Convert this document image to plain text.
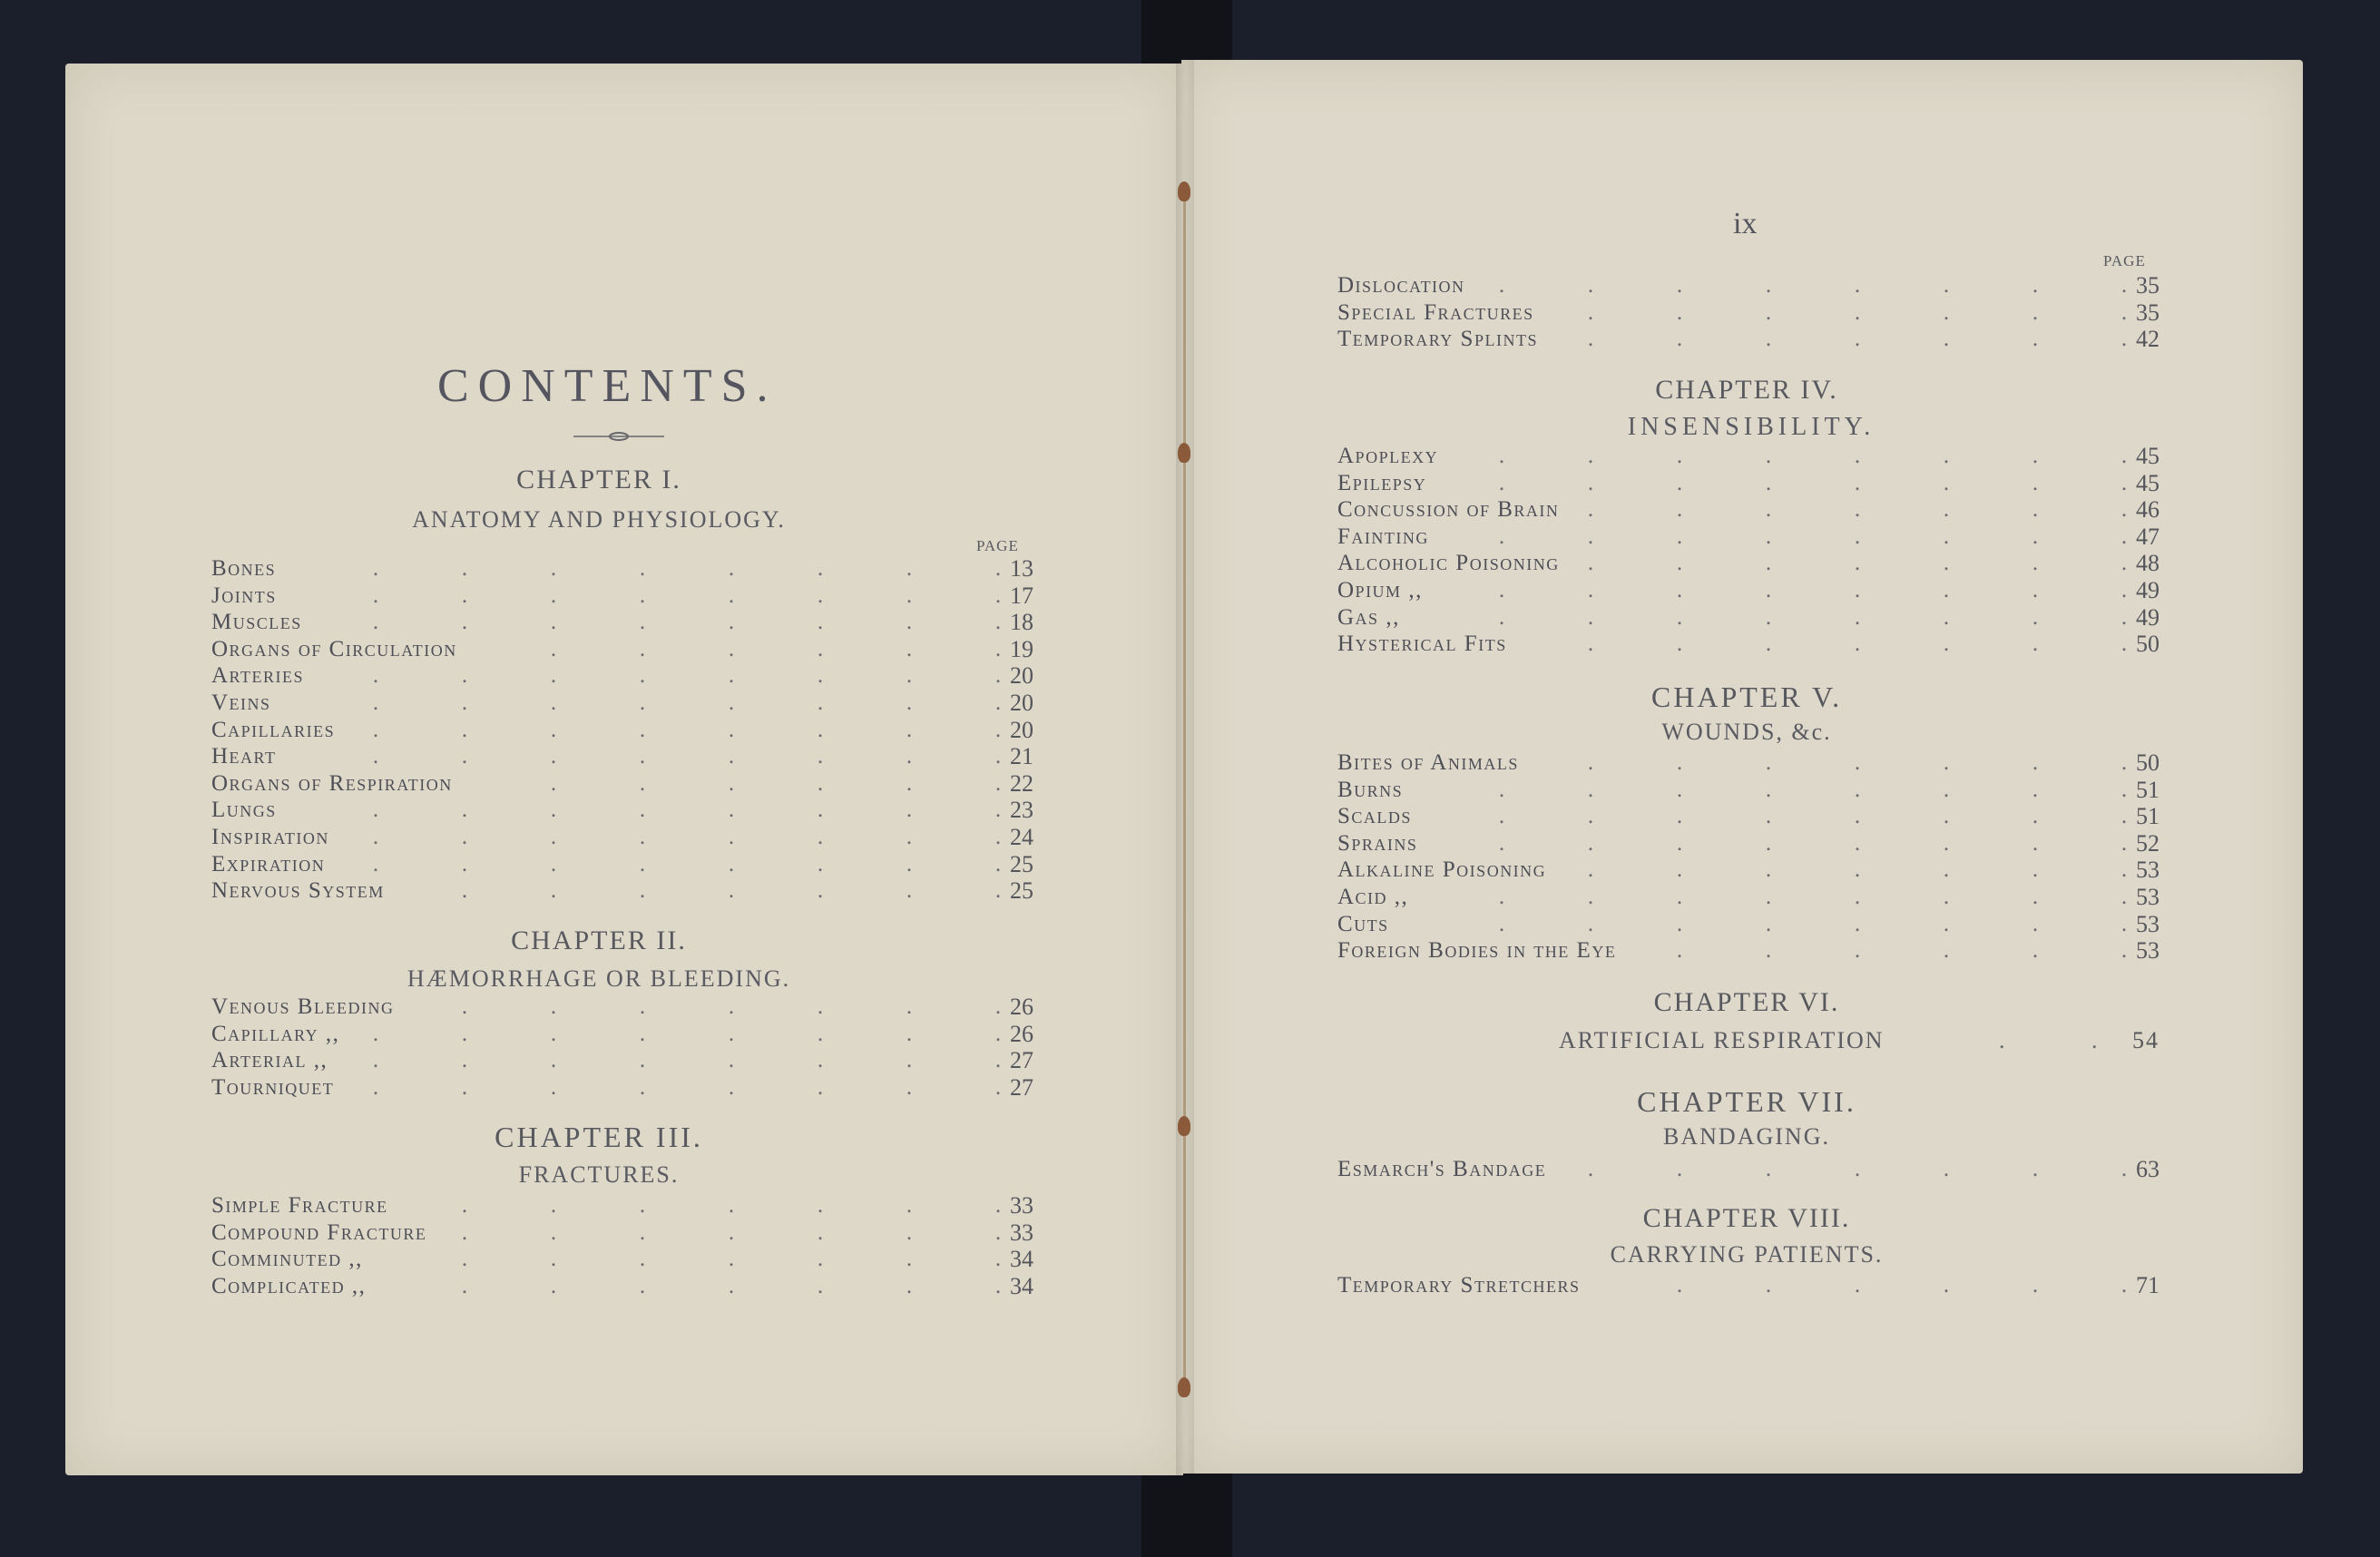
CONTENTS.
CHAPTER I.
ANATOMY AND PHYSIOLOGY.
PAGE
Bones	.	.	.	.	.	.	.	. 13
Joints	.	.	.	.	.	.	.	. 17
Muscles	.	.	.	.	.	.	.	. 18
Organs of Circulation	.	.	.	.	.	. 19
Arteries	.	.	.	.	.	.	.	. 20
Veins	.	.	.	.	.	.	.	. 20
Capillaries	.	.	.	.	.	.	.	. 20
Heart	.	.	.	.	.	.	.	. 21
Organs of Respiration	.	.	.	.	.	. 22
Lungs	.	.	.	.	.	.	.	. 23
Inspiration	.	.	.	.	.	.	.	. 24
Expiration	.	.	.	.	.	.	.	. 25
Nervous System	.	.	.	.	.	.	. 25
CHAPTER II.
HÆMORRHAGE OR BLEEDING.
Venous Bleeding	.	.	.	.	.	.	. 26
Capillary ,,	.	.	.	.	.	.	.	. 26
Arterial ,,	.	.	.	.	.	.	.	. 27
Tourniquet	.	.	.	.	.	.	.	. 27
CHAPTER III.
FRACTURES.
Simple Fracture	.	.	.	.	.	.	. 33
Compound Fracture	.	.	.	.	.	.	. 33
Comminuted ,,	.	.	.	.	.	.	. 34
Complicated ,,	.	.	.	.	.	.	. 34
ix
PAGE
Dislocation	.	.	.	.	.	.	.	. 35
Special Fractures	.	.	.	.	.	.	. 35
Temporary Splints	.	.	.	.	.	.	. 42
CHAPTER IV.
INSENSIBILITY.
Apoplexy	.	.	.	.	.	.	.	. 45
Epilepsy	.	.	.	.	.	.	.	. 45
Concussion of Brain	.	.	.	.	.	.	. 46
Fainting	.	.	.	.	.	.	.	. 47
Alcoholic Poisoning	.	.	.	.	.	.	. 48
Opium ,,	.	.	.	.	.	.	.	. 49
Gas ,,	.	.	.	.	.	.	.	. 49
Hysterical Fits	.	.	.	.	.	.	. 50
CHAPTER V.
WOUNDS, &c.
Bites of Animals	.	.	.	.	.	.	. 50
Burns	.	.	.	.	.	.	.	. 51
Scalds	.	.	.	.	.	.	.	. 51
Sprains	.	.	.	.	.	.	.	. 52
Alkaline Poisoning	.	.	.	.	.	.	. 53
Acid ,,	.	.	.	.	.	.	.	. 53
Cuts	.	.	.	.	.	.	.	. 53
Foreign Bodies in the Eye	.	.	.	.	.	. 53
CHAPTER VI.
ARTIFICIAL RESPIRATION	.           . 54
CHAPTER VII.
BANDAGING.
Esmarch's Bandage	.	.	.	.	.	.	. 63
CHAPTER VIII.
CARRYING PATIENTS.
Temporary Stretchers	.	.	.	.	.	. 71
